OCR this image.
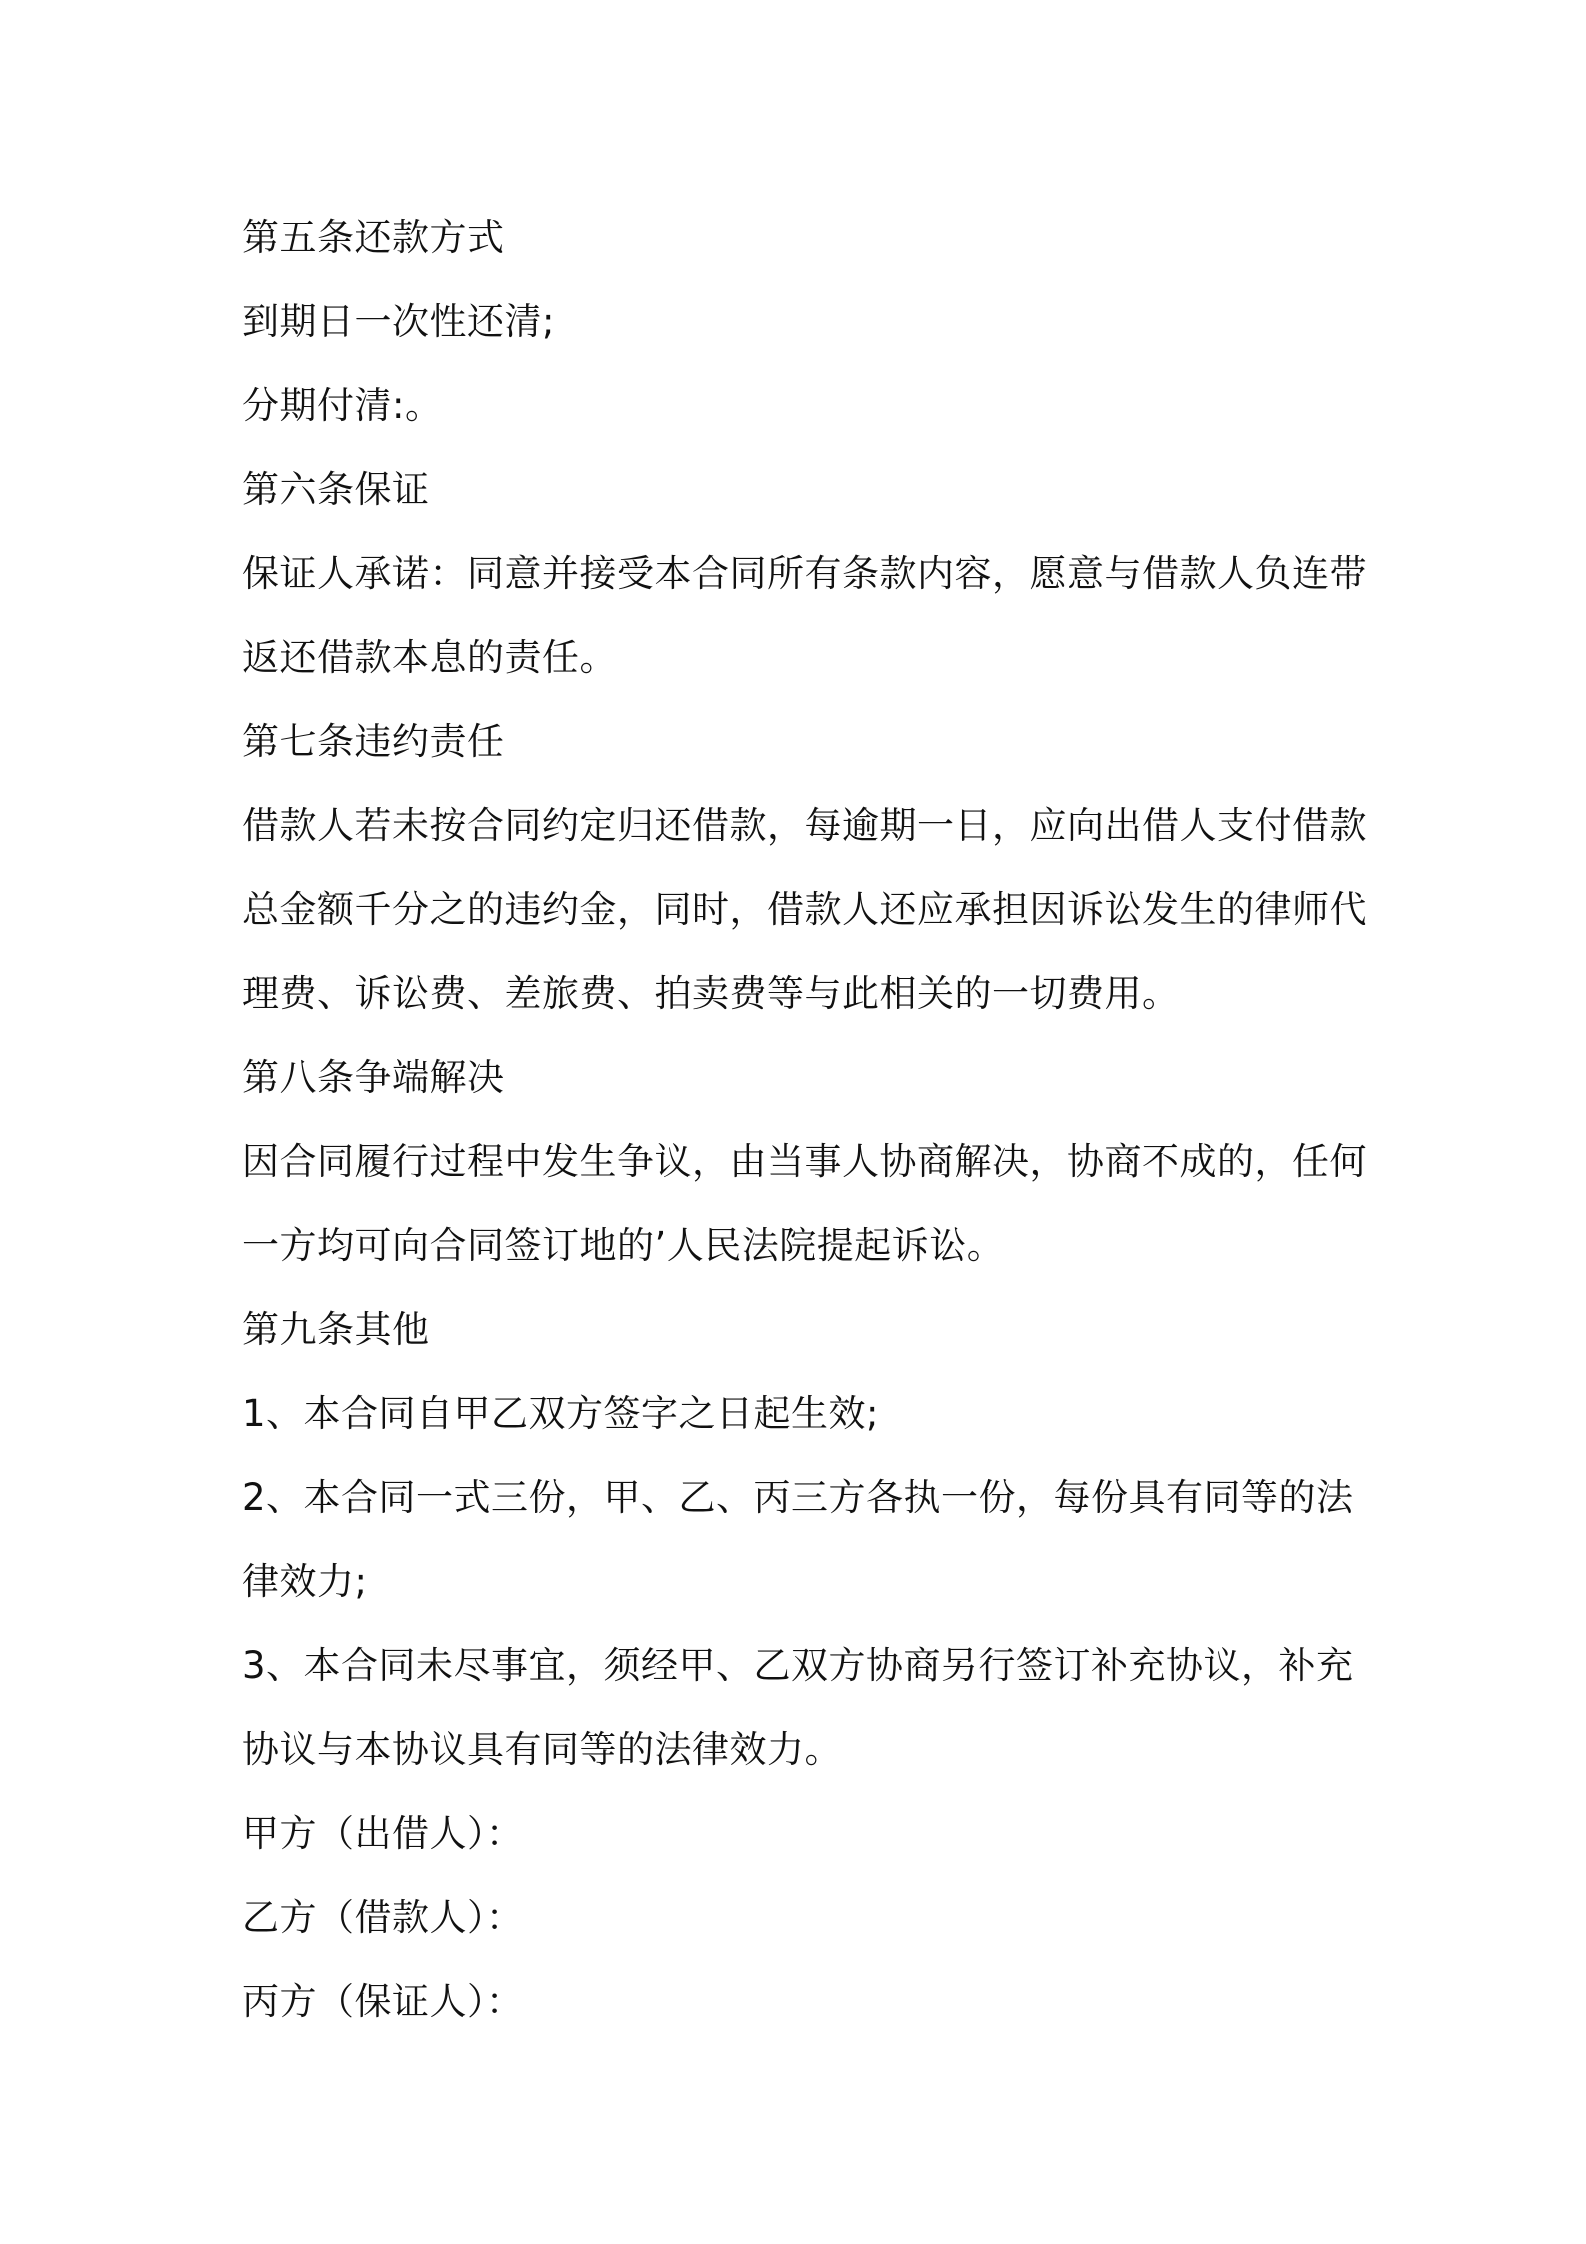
第五条还款方式
到期日一次性还清;
分期付清:。
第六条保证
保证人承诺：同意并接受本合同所有条款内容，愿意与借款人负连带
返还借款本息的责任。
第七条违约责任
借款人若未按合同约定归还借款，每逾期一日，应向出借人支付借款
总金额千分之的违约金，同时，借款人还应承担因诉讼发生的律师代
理费、诉讼费、差旅费、拍卖费等与此相关的一切费用。
第八条争端解决
因合同履行过程中发生争议，由当事人协商解决，协商不成的，任何
一方均可向合同签订地的’人民法院提起诉讼。
第九条其他
1、本合同自甲乙双方签字之日起生效;
2、本合同一式三份，甲、乙、丙三方各执一份，每份具有同等的法
律效力;
3、本合同未尽事宜，须经甲、乙双方协商另行签订补充协议，补充
协议与本协议具有同等的法律效力。
甲方（出借人）：
乙方（借款人）：
丙方（保证人）：
